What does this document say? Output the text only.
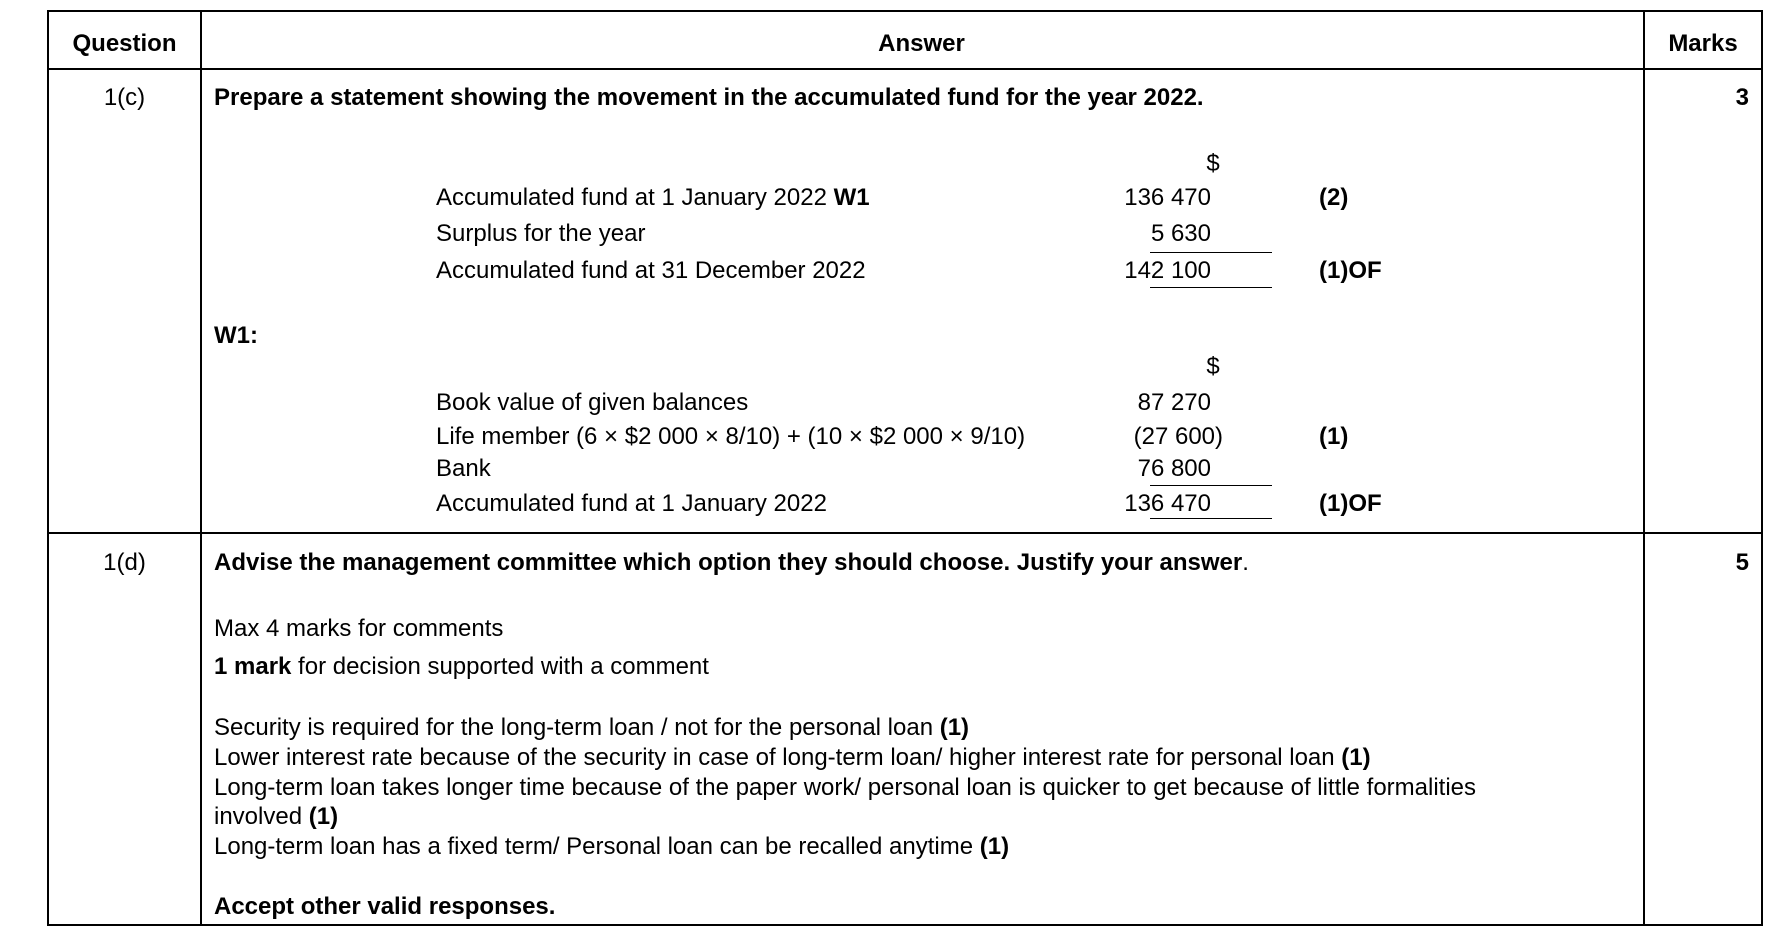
Question	Answer	Marks
1(c)	Prepare a statement showing the movement in the accumulated fund for the year 2022.	3
$
Accumulated fund at 1 January 2022 W1	136 470	(2)
Surplus for the year	5 630
Accumulated fund at 31 December 2022	142 100	(1)OF
W1:
$
Book value of given balances	87 270
Life member (6 × $2 000 × 8/10) + (10 × $2 000 × 9/10)	(27 600)	(1)
Bank	76 800
Accumulated fund at 1 January 2022	136 470	(1)OF
1(d)	Advise the management committee which option they should choose. Justify your answer.	5
Max 4 marks for comments
1 mark for decision supported with a comment
Security is required for the long-term loan / not for the personal loan (1)
Lower interest rate because of the security in case of long-term loan/ higher interest rate for personal loan (1)
Long-term loan takes longer time because of the paper work/ personal loan is quicker to get because of little formalities
involved (1)
Long-term loan has a fixed term/ Personal loan can be recalled anytime (1)
Accept other valid responses.
